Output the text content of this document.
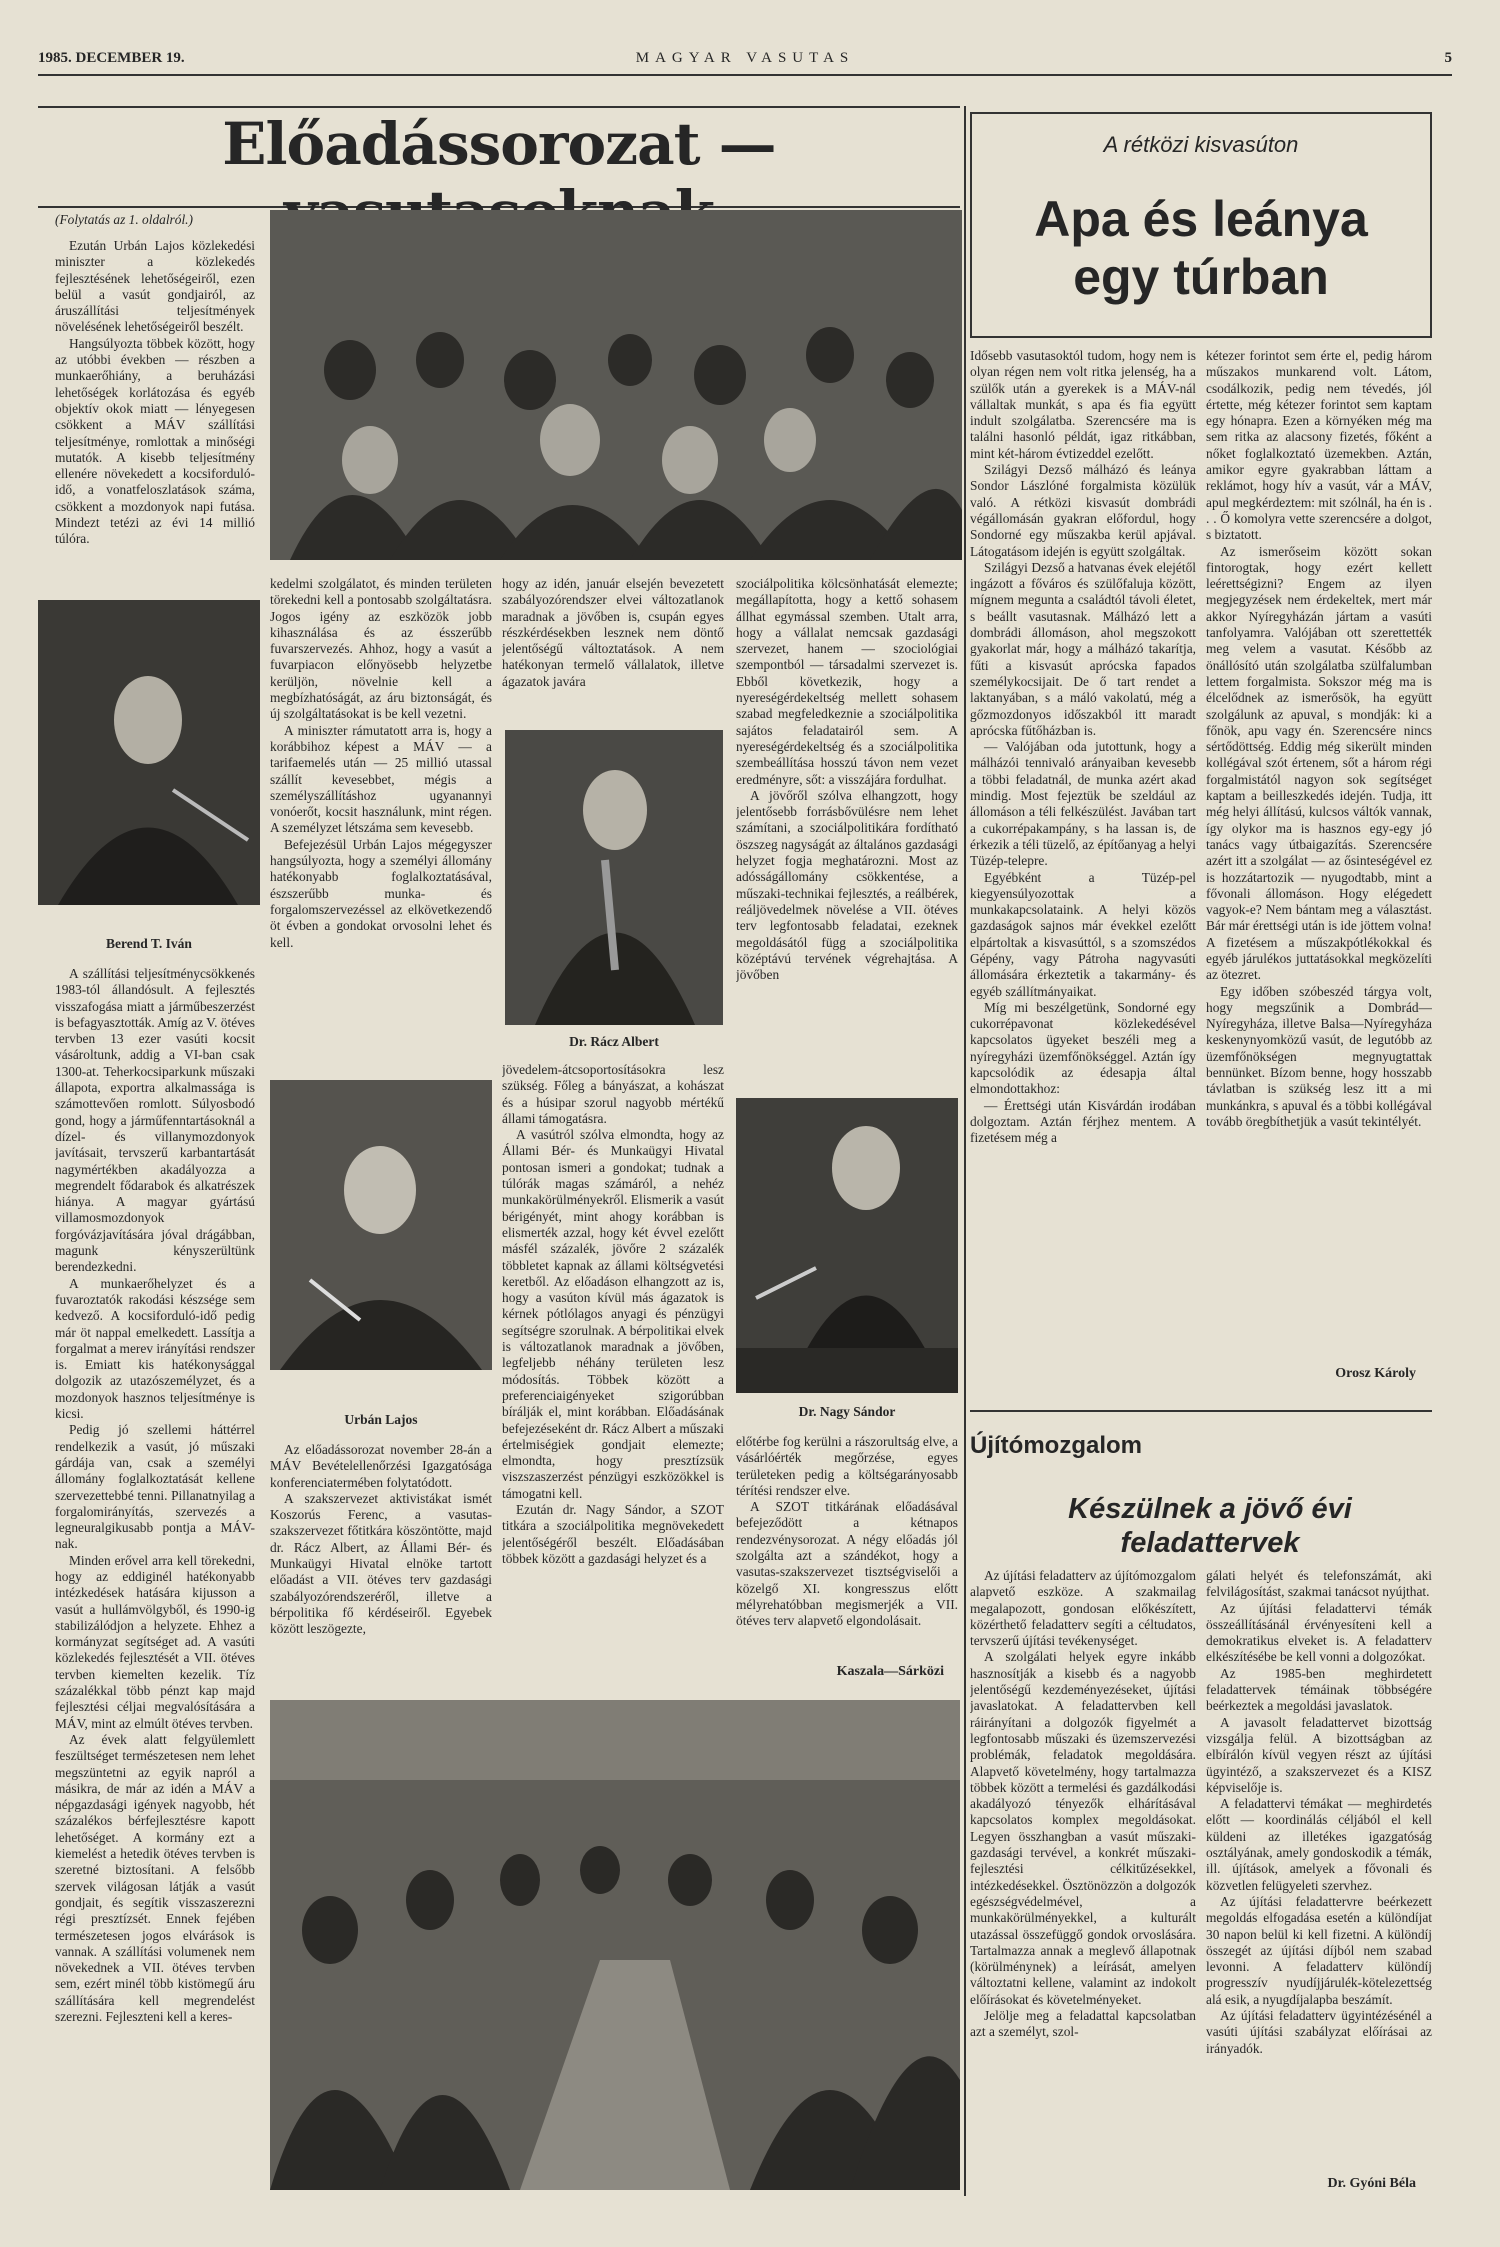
1985. DECEMBER 19.	MAGYAR VASUTAS	5
Előadássorozat —
(Folytatás az 1. oldalról.)

Ezután Urbán Lajos közlekedési miniszter a közlekedés fejlesztésének lehetőségeiről, ezen belül a vasút gondjairól, az áruszállítási teljesítmények növelésének lehetőségeiről beszélt.

Hangsúlyozta többek között, hogy az utóbbi években — részben a munkaerőhiány, a beruházási lehetőségek korlátozása és egyéb objektív okok miatt — lényegesen csökkent a MÁV szállítási teljesítménye, romlottak a minőségi mutatók. A kisebb teljesítmény ellenére növekedett a kocsiforduló-idő, a vonatfeloszlatások száma, csökkent a mozdonyok napi futása. Mindezt tetézi az évi 14 millió túlóra.

Berend T. Iván

A szállítási teljesítménycsökkenés 1983-tól állandósult. A fejlesztés visszafogása miatt a járműbeszerzést is befagyasztották. Amíg az V. ötéves tervben 13 ezer vasúti kocsit vásároltunk, addig a VI-ban csak 1300-at. Teherkocsiparkunk műszaki állapota, exportra alkalmassága is számottevően romlott. Súlyosbodó gond, hogy a járműfenntartásoknál a dízel- és villanymozdonyok javításait, tervszerű karbantartását nagymértékben akadályozza a megrendelt fődarabok és alkatrészek hiánya. A magyar gyártású villamosmozdonyok forgóvázjavítására jóval drágábban, magunk kényszerültünk berendezkedni.

A munkaerőhelyzet és a fuvaroztatók rakodási készsége sem kedvező. A kocsiforduló-idő pedig már öt nappal emelkedett. Lassítja a forgalmat a merev irányítási rendszer is. Emiatt kis hatékonysággal dolgozik az utazószemélyzet, és a mozdonyok hasznos teljesítménye is kicsi.

Pedig jó szellemi háttérrel rendelkezik a vasút, jó műszaki gárdája van, csak a személyi állomány foglalkoztatását kellene szervezettebbé tenni. Pillanatnyilag a forgalomirányítás, szervezés a legneuralgikusabb pontja a MÁV-nak.

Minden erővel arra kell törekedni, hogy az eddiginél hatékonyabb intézkedések hatására kijusson a vasút a hullámvölgyből, és 1990-ig stabilizálódjon a helyzete. Ehhez a kormányzat segítséget ad. A vasúti közlekedés fejlesztését a VII. ötéves tervben kiemelten kezelik. Tíz százalékkal több pénzt kap majd fejlesztési céljai megvalósítására a MÁV, mint az elmúlt ötéves tervben.

Az évek alatt felgyülemlett feszültséget természetesen nem lehet megszüntetni az egyik napról a másikra, de már az idén a MÁV a népgazdasági igények nagyobb, hét százalékos bérfejlesztésre kapott lehetőséget. A kormány ezt a kiemelést a hetedik ötéves tervben is szeretné biztosítani. A felsőbb szervek világosan látják a vasút gondjait, és segítik visszaszerezni régi presztízsét. Ennek fejében természetesen jogos elvárások is vannak. A szállítási volumenek nem növekednek a VII. ötéves tervben sem, ezért minél több kistömegű áru szállítására kell megrendelést szerezni. Fejleszteni kell a keres-

kedelmi szolgálatot, és minden területen törekedni kell a pontosabb szolgáltatásra. Jogos igény az eszközök jobb kihasználása és az ésszerűbb fuvarszervezés. Ahhoz, hogy a vasút a fuvarpiacon előnyösebb helyzetbe kerüljön, növelnie kell a megbízhatóságát, az áru biztonságát, és új szolgáltatásokat is be kell vezetni.

A miniszter rámutatott arra is, hogy a korábbihoz képest a MÁV — a tarifaemelés után — 25 millió utassal szállít kevesebbet, mégis a személyszállításhoz ugyanannyi vonóerőt, kocsit használunk, mint régen. A személyzet létszáma sem kevesebb.

Befejezésül Urbán Lajos mégegyszer hangsúlyozta, hogy a személyi állomány hatékonyabb foglalkoztatásával, észszerűbb munka- és forgalomszervezéssel az elkövetkezendő öt évben a gondokat orvosolni lehet és kell.

Urbán Lajos

Az előadássorozat november 28-án a MÁV Bevételellenőrzési Igazgatósága konferenciatermében folytatódott.

A szakszervezet aktivistákat ismét Koszorús Ferenc, a vasutas-szakszervezet főtitkára köszöntötte, majd dr. Rácz Albert, az Állami Bér- és Munkaügyi Hivatal elnöke tartott előadást a VII. ötéves terv gazdasági szabályozórendszeréről, illetve a bérpolitika fő kérdéseiről. Egyebek között leszögezte,

hogy az idén, január elsején bevezetett szabályozórendszer elvei változatlanok maradnak a jövőben is, csupán egyes részkérdésekben lesznek nem döntő jelentőségű változtatások. A nem hatékonyan termelő vállalatok, illetve ágazatok javára

Dr. Rácz Albert

jövedelem-átcsoportosításokra lesz szükség. Főleg a bányászat, a kohászat és a húsipar szorul nagyobb mértékű állami támogatásra.

A vasútról szólva elmondta, hogy az Állami Bér- és Munkaügyi Hivatal pontosan ismeri a gondokat; tudnak a túlórák magas számáról, a nehéz munkakörülményekről. Elismerik a vasút bérigényét, mint ahogy korábban is elismerték azzal, hogy két évvel ezelőtt másfél százalék, jövőre 2 százalék többletet kapnak az állami költségvetési keretből. Az előadáson elhangzott az is, hogy a vasúton kívül más ágazatok is kérnek pótlólagos anyagi és pénzügyi segítségre szorulnak. A bérpolitikai elvek is változatlanok maradnak a jövőben, legfeljebb néhány területen lesz módosítás. Többek között a preferenciaigényeket szigorúbban bírálják el, mint korábban. Előadásának befejezéseként dr. Rácz Albert a műszaki értelmiségiek gondjait elemezte; elmondta, hogy presztízsük viszszaszerzést pénzügyi eszközökkel is támogatni kell.

Ezután dr. Nagy Sándor, a SZOT titkára a szociálpolitika megnövekedett jelentőségéről beszélt. Előadásában többek között a gazdasági helyzet és a

szociálpolitika kölcsönhatását elemezte; megállapította, hogy a kettő sohasem állhat egymással szemben. Utalt arra, hogy a vállalat nemcsak gazdasági szervezet, hanem — szociológiai szempontból — társadalmi szervezet is. Ebből következik, hogy a nyereségérdekeltség mellett sohasem szabad megfeledkeznie a szociálpolitika sajátos feladatairól sem. A nyereségérdekeltség és a szociálpolitika szembeállítása hosszú távon nem vezet eredményre, sőt: a visszájára fordulhat.

A jövőről szólva elhangzott, hogy jelentősebb forrásbővülésre nem lehet számítani, a szociálpolitikára fordítható öszszeg nagyságát az általános gazdasági helyzet fogja meghatározni. Most az adósságállomány csökkentése, a műszaki-technikai fejlesztés, a reálbérek, reáljövedelmek növelése a VII. ötéves terv legfontosabb feladatai, ezeknek megoldásától függ a szociálpolitika középtávú tervének végrehajtása. A jövőben

Dr. Nagy Sándor

előtérbe fog kerülni a rászorultság elve, a vásárlóérték megőrzése, egyes területeken pedig a költségarányosabb térítési rendszer elve.

A SZOT titkárának előadásával befejeződött a kétnapos rendezvénysorozat. A négy előadás jól szolgálta azt a szándékot, hogy a vasutas-szakszervezet tisztségviselői a közelgő XI. kongresszus előtt mélyrehatóbban megismerjék a VII. ötéves terv alapvető elgondolásait.

Kaszala—Sárközi
A rétközi kisvasúton
Apa és leánya
egy túrban

Idősebb vasutasoktól tudom, hogy nem is olyan régen nem volt ritka jelenség, ha a szülők után a gyerekek is a MÁV-nál vállaltak munkát, s apa és fia együtt indult szolgálatba. Szerencsére ma is találni hasonló példát, igaz ritkábban, mint két-három évtizeddel ezelőtt.

Szilágyi Dezső málházó és leánya Sondor Lászlóné forgalmista közülük való. A rétközi kisvasút dombrádi végállomásán gyakran előfordul, hogy Sondorné egy műszakba kerül apjával. Látogatásom idején is együtt szolgáltak.

Szilágyi Dezső a hatvanas évek elejétől ingázott a főváros és szülőfaluja között, mígnem meguntа a családtól távoli életet, s beállt vasutasnak. Málházó lett a dombrádi állomáson, ahol megszokott gyakorlat már, hogy a málházó takarítja, fűti a kisvasút aprócska fapados személykocsijait. De ő tart rendet a laktanyában, s a máló vakolatú, még a gőzmozdonyos időszakból itt maradt aprócska fűtőházban is.

— Valójában oda jutottunk, hogy a málházói tennivaló arányaiban kevesebb a többi feladatnál, de munka azért akad mindig. Most fejeztük be szeldául az állomáson a téli felkészülést. Javában tart a cukorrépakampány, s ha lassan is, de érkezik a téli tüzelő, az építőanyag a helyi Tüzép-telepre.

Egyébként a Tüzép-pel kiegyensúlyozottak a munkakapcsolataink. A helyi közös gazdaságok sajnos már évekkel ezelőtt elpártoltak a kisvasúttól, s a szomszédos Gépény, vagy Pátroha nagyvasúti állomására érkeztetik a takarmány- és egyéb szállítmányaikat.

Míg mi beszélgetünk, Sondorné egy cukorrépavonat közlekedésével kapcsolatos ügyeket beszéli meg a nyíregyházi üzemfőnökséggel. Aztán így kapcsolódik az édesapja által elmondottakhoz:

— Érettségi után Kisvárdán irodában dolgoztam. Aztán férjhez mentem. A fizetésem még a

kétezer forintot sem érte el, pedig három műszakos munkarend volt. Látom, csodálkozik, pedig nem tévedés, jól értette, még kétezer forintot sem kaptam egy hónapra. Ezen a környéken még ma sem ritka az alacsony fizetés, főként a nőket foglalkoztató üzemekben. Aztán, amikor egyre gyakrabban láttam a reklámot, hogy hív a vasút, vár a MÁV, apul megkérdeztem: mit szólnál, ha én is . . . Ő komolyra vette szerencsére a dolgot, s biztatott.

Az ismerőseim között sokan fintorogtak, hogy ezért kellett leérettségizni? Engem az ilyen megjegyzések nem érdekeltek, mert már akkor Nyíregyházán jártam a vasúti tanfolyamra. Valójában ott szerettették meg velem a vasutat. Később az önállósító után szolgálatba szülfalumban lettem forgalmista. Sokszor még ma is élcelődnek az ismerősök, ha együtt szolgálunk az apuval, s mondják: ki a főnök, apu vagy én. Szerencsére nincs sértődöttség. Eddig még sikerült minden kollégával szót értenem, sőt a három régi forgalmistától nagyon sok segítséget kaptam a beilleszkedés idején. Tudja, itt még helyi állítású, kulcsos váltók vannak, így olykor ma is hasznos egy-egy jó tanács vagy útbaigazítás. Szerencsére azért itt a szolgálat — az ősinteségével ez is hozzátartozik — nyugodtabb, mint a fővonali állomáson. Hogy elégedett vagyok-e? Nem bántam meg a választást. Bár már érettségi után is ide jöttem volna! A fizetésem a műszakpótlékokkal és egyéb járulékos juttatásokkal megközelíti az ötezret.

Egy időben szóbeszéd tárgya volt, hogy megszűnik a Dombrád—Nyíregyháza, illetve Balsa—Nyíregyháza keskenynyomközű vasút, de legutóbb az üzemfőnökségen megnyugtattak bennünket. Bízom benne, hogy hosszabb távlatban is szükség lesz itt a mi munkánkra, s apuval és a többi kollégával tovább öregbíthetjük a vasút tekintélyét.

Orosz Károly
Újítómozgalom
Készülnek a jövő évi feladattervek

Az újítási feladatterv az újítómozgalom alapvető eszköze. A szakmailag megalapozott, gondosan előkészített, közérthető feladatterv segíti a céltudatos, tervszerű újítási tevékenységet.

A szolgálati helyek egyre inkább hasznosítják a kisebb és a nagyobb jelentőségű kezdeményezéseket, újítási javaslatokat. A feladattervben kell ráirányítani a dolgozók figyelmét a legfontosabb műszaki és üzemszervezési problémák, feladatok megoldására. Alapvető követelmény, hogy tartalmazza többek között a termelési és gazdálkodási akadályozó tényezők elhárításával kapcsolatos komplex megoldásokat. Legyen összhangban a vasút műszaki-gazdasági tervével, a konkrét műszaki-fejlesztési célkitűzésekkel, intézkedésekkel. Ösztönözzön a dolgozók egészségvédelmével, a munkakörülményekkel, a kulturált utazással összefüggő gondok orvoslására. Tartalmazza annak a meglevő állapotnak (körülménynek) a leírását, amelyen változtatni kellene, valamint az indokolt előírásokat és követelményeket.

Jelölje meg a feladattal kapcsolatban azt a személyt, szol-

gálati helyét és telefonszámát, aki felvilágosítást, szakmai tanácsot nyújthat.

Az újítási feladattervi témák összeállításánál érvényesíteni kell a demokratikus elveket is. A feladatterv elkészítésébe be kell vonni a dolgozókat.

Az 1985-ben meghirdetett feladattervek témáinak többségére beérkeztek a megoldási javaslatok.

A javasolt feladattervet bizottság vizsgálja felül. A bizottságban az elbírálón kívül vegyen részt az újítási ügyintéző, a szakszervezet és a KISZ képviselője is.

A feladattervi témákat — meghirdetés előtt — koordinálás céljából el kell küldeni az illetékes igazgatóság osztályának, amely gondoskodik a témák, ill. újítások, amelyek a fővonali és közvetlen felügyeleti szervhez.

Az újítási feladattervre beérkezett megoldás elfogadása esetén a különdíjat 30 napon belül ki kell fizetni. A különdíj összegét az újítási díjból nem szabad levonni. A feladatterv különdíj progresszív nyudíjjárulék-kötelezettség alá esik, a nyugdíjalapba beszámít.

Az újítási feladatterv ügyintézésénél a vasúti újítási szabályzat előírásai az irányadók.

Dr. Gyóni Béla
